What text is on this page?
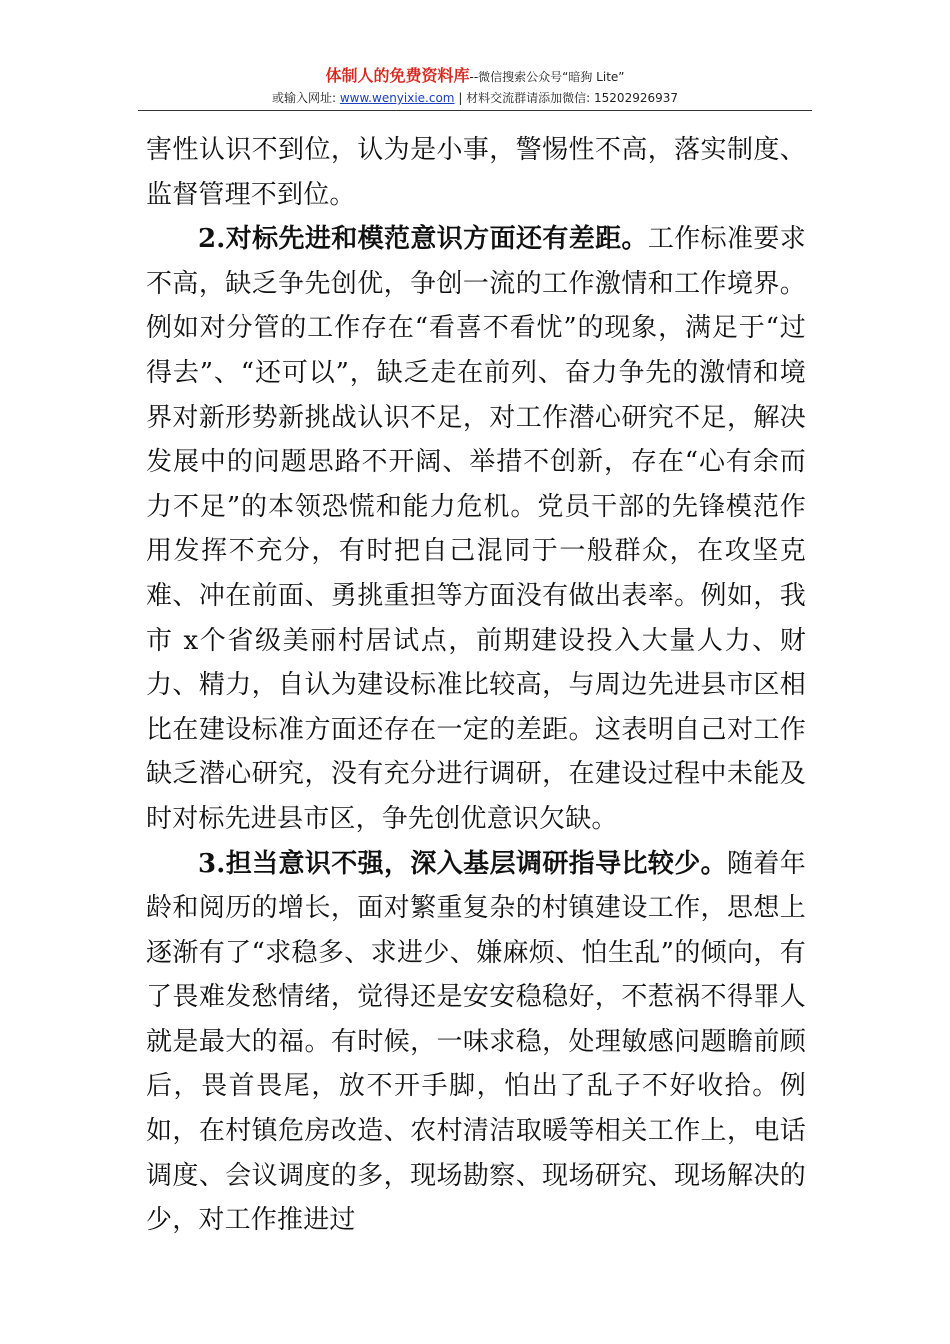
体制人的免费资料库--微信搜索公众号“暗狗 Lite”
或输入网址: www.wenyixie.com | 材料交流群请添加微信: 15202926937

害性认识不到位，认为是小事，警惕性不高，落实制度、监督管理不到位。

2.对标先进和模范意识方面还有差距。工作标准要求不高，缺乏争先创优，争创一流的工作激情和工作境界。例如对分管的工作存在“看喜不看忧”的现象，满足于“过得去”、“还可以”，缺乏走在前列、奋力争先的激情和境界对新形势新挑战认识不足，对工作潜心研究不足，解决发展中的问题思路不开阔、举措不创新，存在“心有余而力不足”的本领恐慌和能力危机。党员干部的先锋模范作用发挥不充分，有时把自己混同于一般群众，在攻坚克难、冲在前面、勇挑重担等方面没有做出表率。例如，我市 x个省级美丽村居试点，前期建设投入大量人力、财力、精力，自认为建设标准比较高，与周边先进县市区相比在建设标准方面还存在一定的差距。这表明自己对工作缺乏潜心研究，没有充分进行调研，在建设过程中未能及时对标先进县市区，争先创优意识欠缺。

3.担当意识不强，深入基层调研指导比较少。随着年龄和阅历的增长，面对繁重复杂的村镇建设工作，思想上逐渐有了“求稳多、求进少、嫌麻烦、怕生乱”的倾向，有了畏难发愁情绪，觉得还是安安稳稳好，不惹祸不得罪人就是最大的福。有时候，一味求稳，处理敏感问题瞻前顾后，畏首畏尾，放不开手脚，怕出了乱子不好收拾。例如，在村镇危房改造、农村清洁取暖等相关工作上，电话调度、会议调度的多，现场勘察、现场研究、现场解决的少，对工作推进过
